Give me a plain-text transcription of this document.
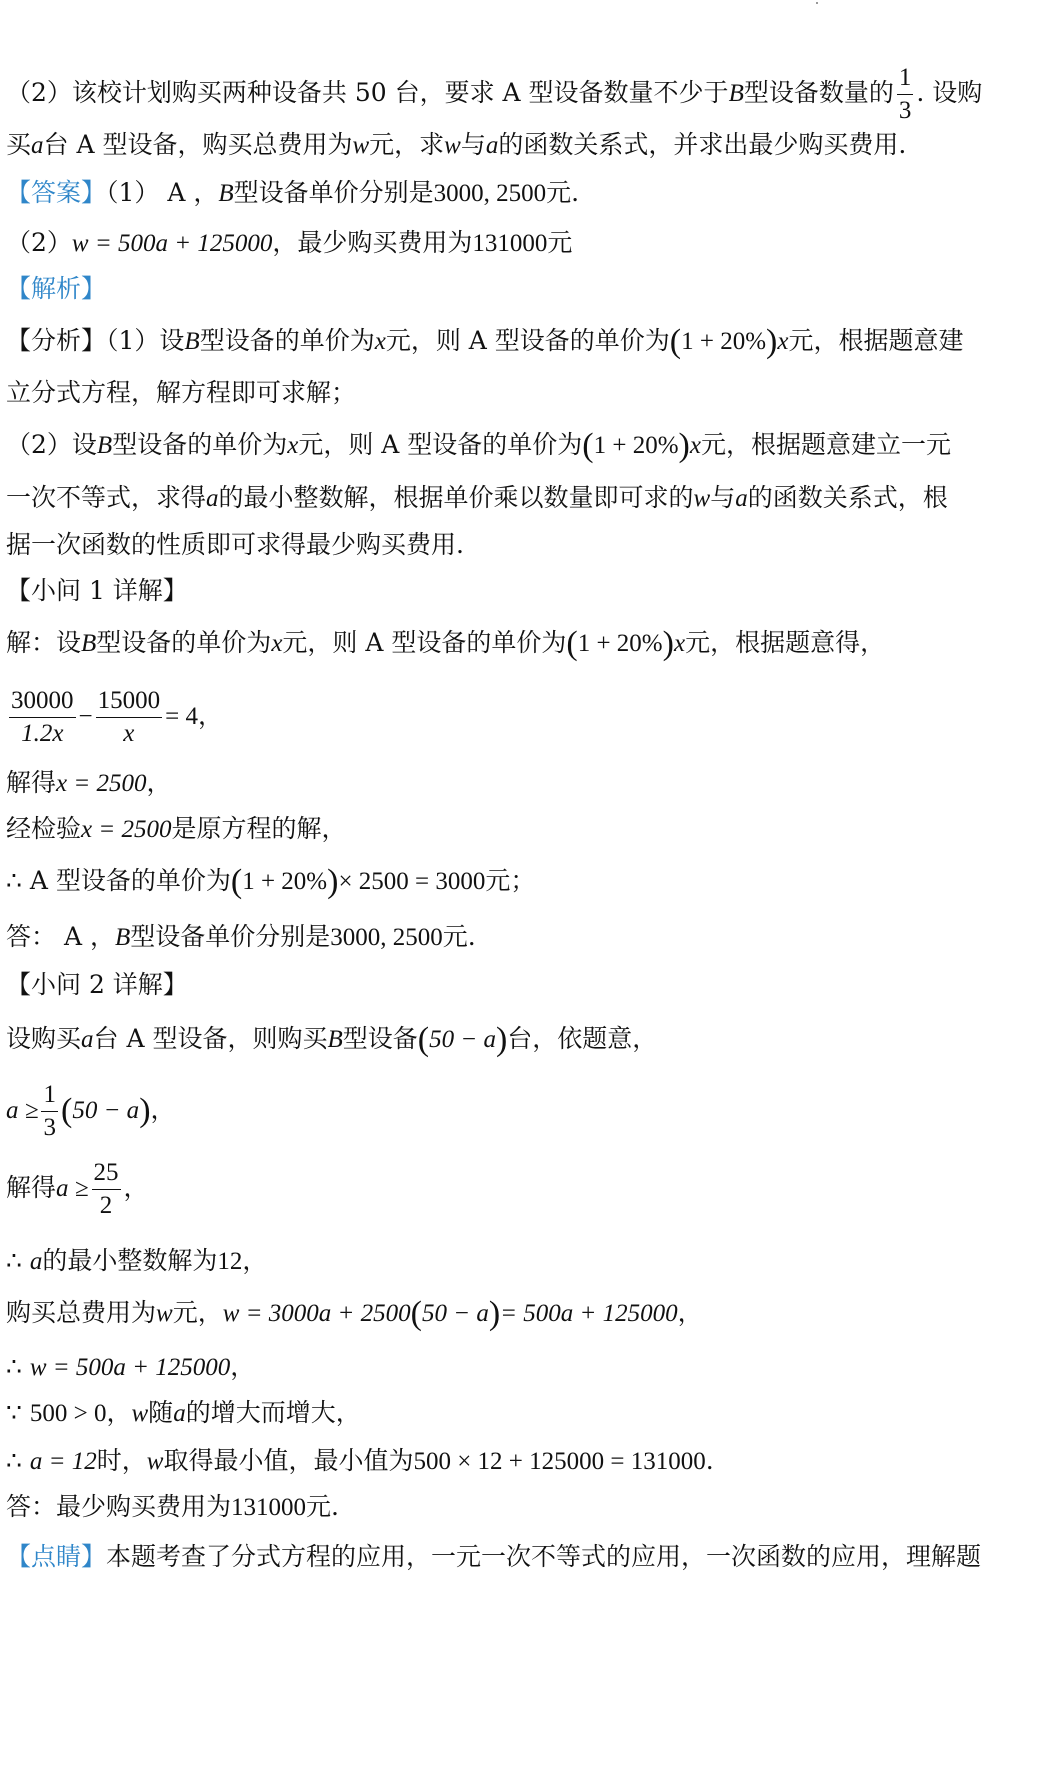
（2）该校计划购买两种设备共 50 台，要求 A 型设备数量不少于B型设备数量的 $\frac{1}{3}$ . 设购
买a台 A 型设备，购买总费用为w元，求w与a的函数关系式，并求出最少购买费用.
【答案】（1） A ，B型设备单价分别是3000, 2500元.
（2）w = 500a + 125000，最少购买费用为131000元
【解析】
【分析】（1）设B型设备的单价为x元，则 A 型设备的单价为(1 + 20%)x元，根据题意建
立分式方程，解方程即可求解；
（2）设B型设备的单价为x元，则 A 型设备的单价为(1 + 20%)x元，根据题意建立一元
一次不等式，求得a的最小整数解，根据单价乘以数量即可求的w与a的函数关系式，根
据一次函数的性质即可求得最少购买费用.
【小问 1 详解】
解：设B型设备的单价为x元，则 A 型设备的单价为(1 + 20%)x元，根据题意得，
$\frac{30000}{1.2x} - \frac{15000}{x} = 4$，
解得x = 2500，
经检验x = 2500是原方程的解，
∴ A 型设备的单价为(1 + 20%)× 2500 = 3000元；
答： A ，B型设备单价分别是3000, 2500元.
【小问 2 详解】
设购买a台 A 型设备，则购买B型设备(50 − a)台，依题意，
$a \ge \frac{1}{3} (50 - a)$，
解得$a \ge \frac{25}{2}$ ，
∴ a的最小整数解为12，
购买总费用为w元，w = 3000a + 2500(50 − a)= 500a + 125000，
∴ w = 500a + 125000，
∵ 500 > 0，w随a的增大而增大，
∴ a = 12时，w取得最小值，最小值为500 × 12 + 125000 = 131000.
答：最少购买费用为131000元.
【点睛】本题考查了分式方程的应用，一元一次不等式的应用，一次函数的应用，理解题
